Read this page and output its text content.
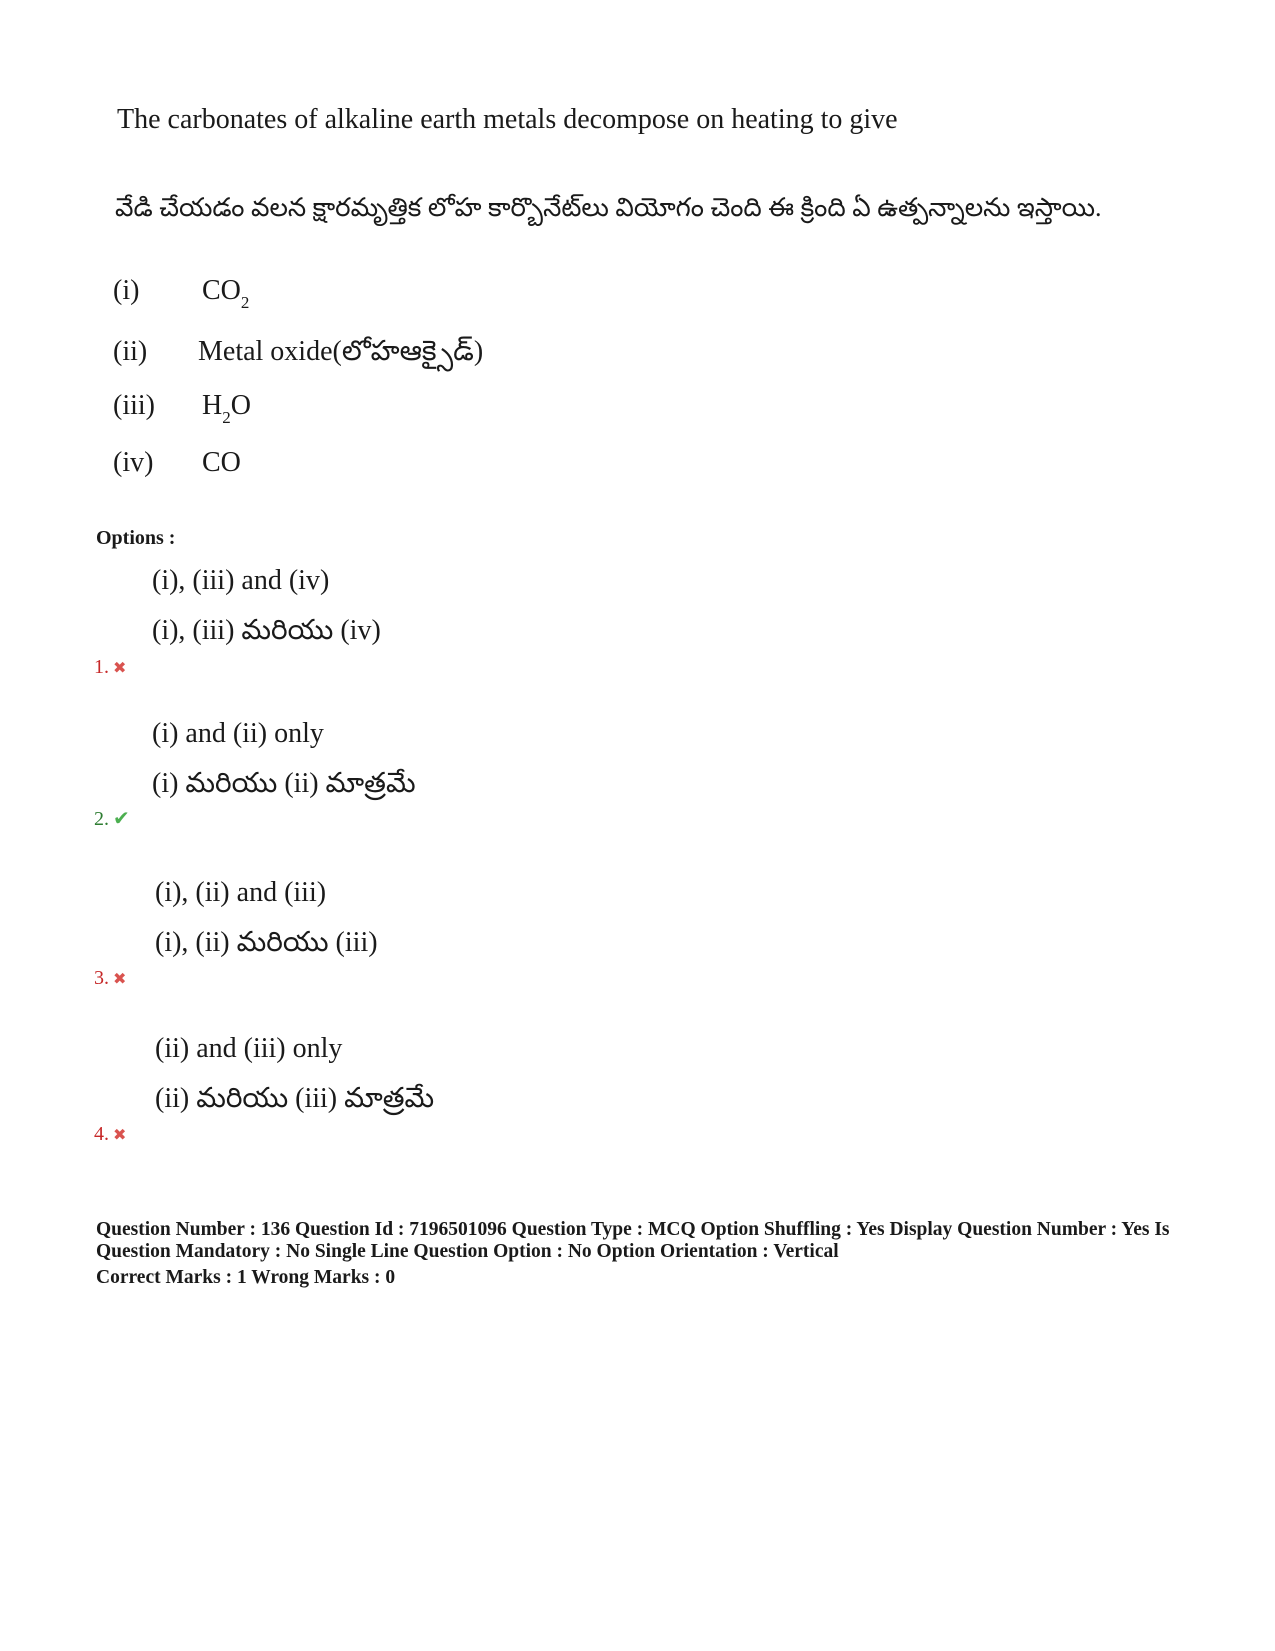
The carbonates of alkaline earth metals decompose on heating to give
వేడి చేయడం వలన క్షారమృత్తిక లోహ కార్బొనేట్‌లు వియోగం చెంది ఈ క్రింది ఏ ఉత్పన్నాలను ఇస్తాయి.
(i) $CO_2$
(ii) Metal oxide(లోహఆక్సైడ్)
(iii) $H_2O$
(iv) CO
Options :
(i), (iii) and (iv)
(i), (iii) మరియు (iv)
1. ✖
(i) and (ii) only
(i) మరియు (ii) మాత్రమే
2. ✔
(i), (ii) and (iii)
(i), (ii) మరియు (iii)
3. ✖
(ii) and (iii) only
(ii) మరియు (iii) మాత్రమే
4. ✖
Question Number : 136 Question Id : 7196501096 Question Type : MCQ Option Shuffling : Yes Display Question Number : Yes Is
Question Mandatory : No Single Line Question Option : No Option Orientation : Vertical
Correct Marks : 1 Wrong Marks : 0
